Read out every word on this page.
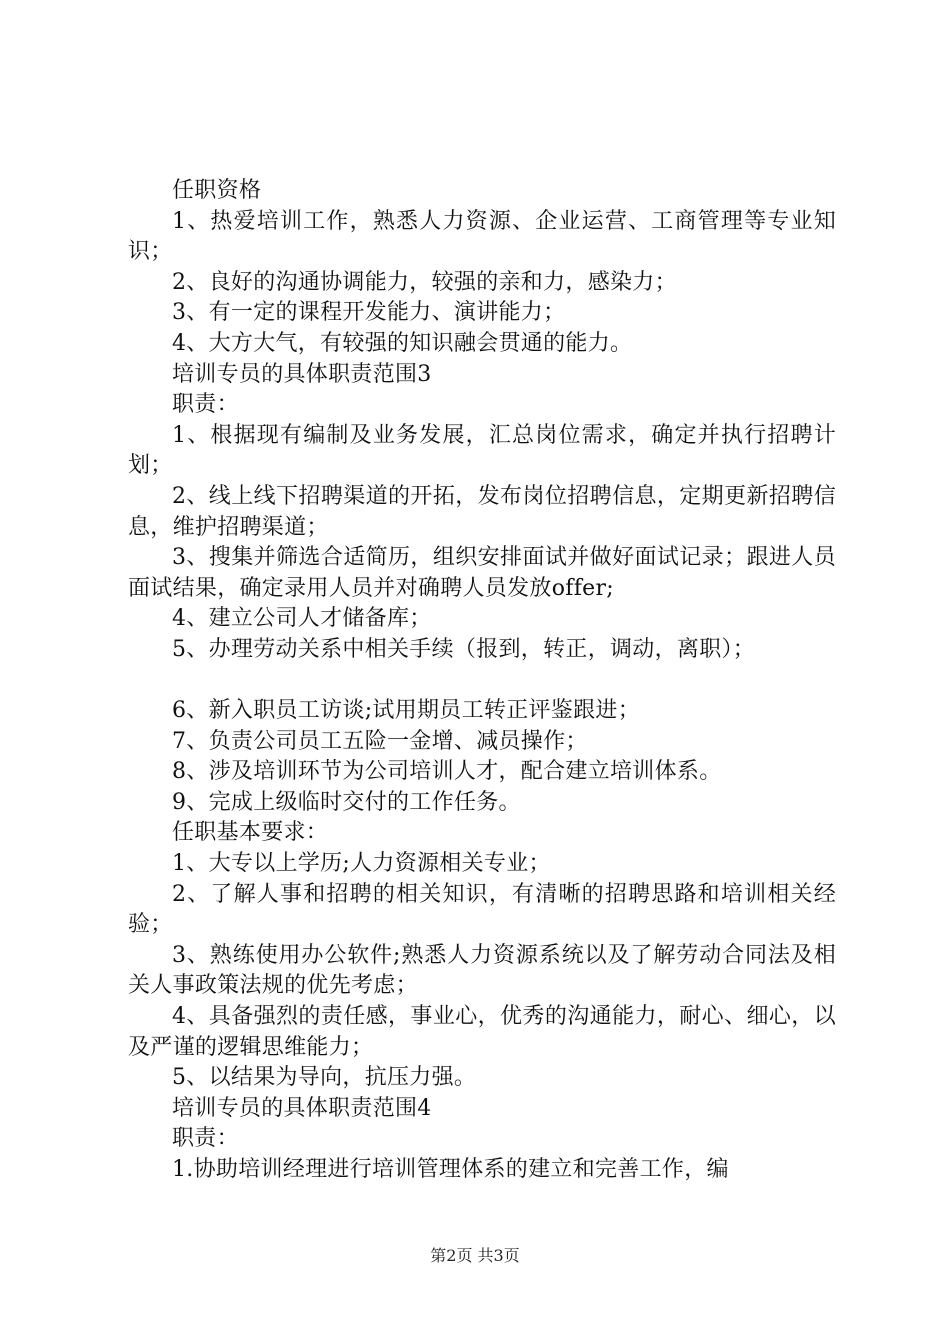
任职资格

1、热爱培训工作，熟悉人力资源、企业运营、工商管理等专业知识；

2、良好的沟通协调能力，较强的亲和力，感染力；

3、有一定的课程开发能力、演讲能力；

4、大方大气，有较强的知识融会贯通的能力。

培训专员的具体职责范围3

职责：

1、根据现有编制及业务发展，汇总岗位需求，确定并执行招聘计划；

2、线上线下招聘渠道的开拓，发布岗位招聘信息，定期更新招聘信息，维护招聘渠道；

3、搜集并筛选合适简历，组织安排面试并做好面试记录；跟进人员面试结果，确定录用人员并对确聘人员发放offer;

4、建立公司人才储备库；

5、办理劳动关系中相关手续（报到，转正，调动，离职）；

6、新入职员工访谈;试用期员工转正评鉴跟进；

7、负责公司员工五险一金增、减员操作；

8、涉及培训环节为公司培训人才，配合建立培训体系。

9、完成上级临时交付的工作任务。

任职基本要求：

1、大专以上学历;人力资源相关专业；

2、了解人事和招聘的相关知识，有清晰的招聘思路和培训相关经验；

3、熟练使用办公软件;熟悉人力资源系统以及了解劳动合同法及相关人事政策法规的优先考虑；

4、具备强烈的责任感，事业心，优秀的沟通能力，耐心、细心，以及严谨的逻辑思维能力；

5、以结果为导向，抗压力强。

培训专员的具体职责范围4

职责：

1.协助培训经理进行培训管理体系的建立和完善工作，编

第2页 共3页
